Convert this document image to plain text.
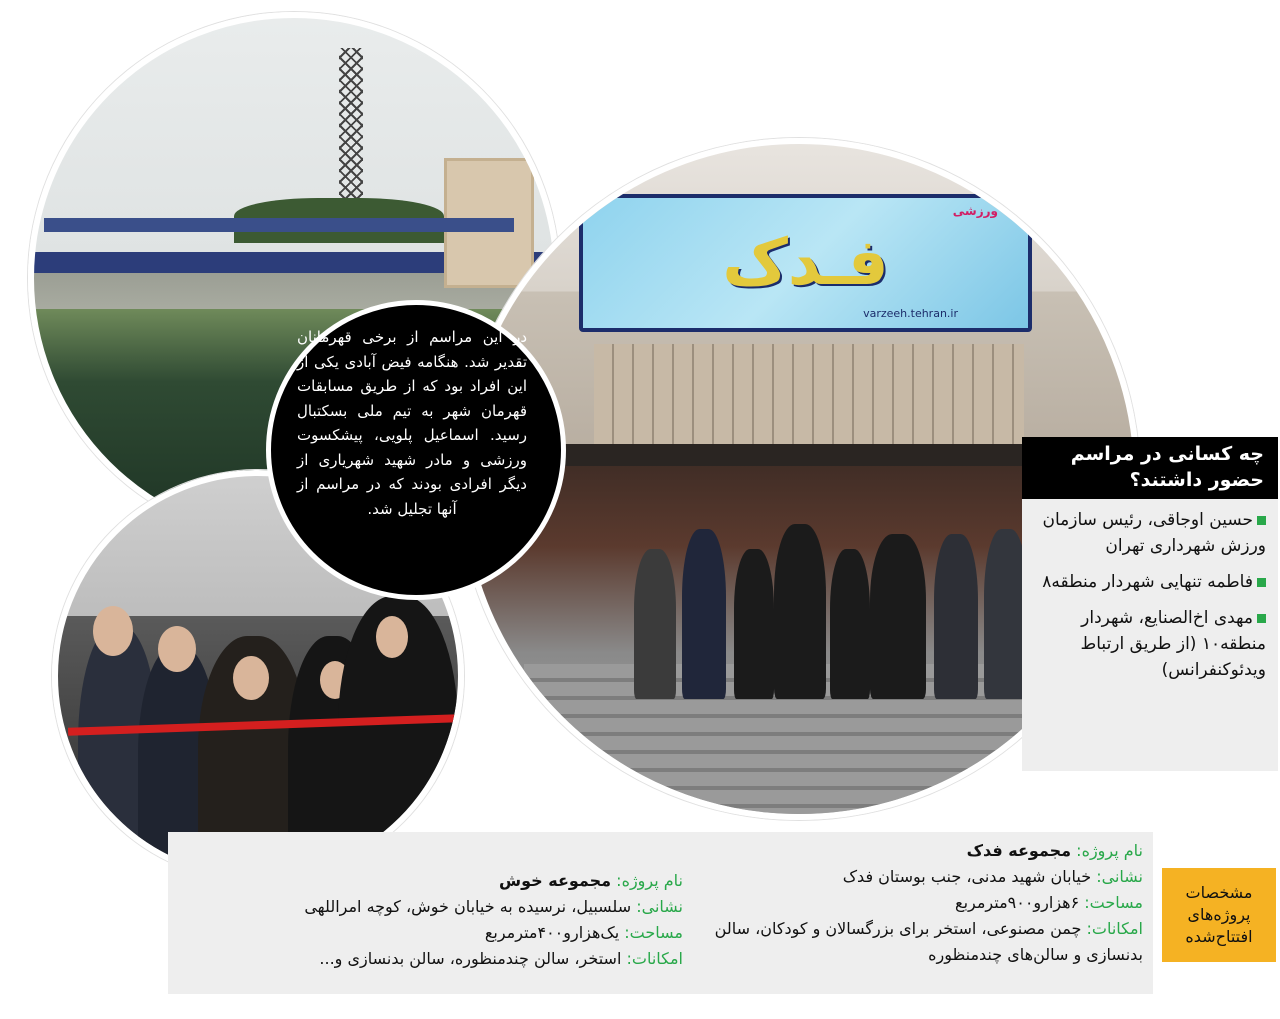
ورزشی
فـدک
varzeeh.tehran.ir
در این مراسم از برخی قهرمانان تقدیر شد. هنگامه فیض آبادی یکی از این افراد بود که از طریق مسابقات قهرمان شهر به تیم ملی بسکتبال رسید. اسماعیل پلویی، پیشکسوت ورزشی و مادر شهید شهریاری از دیگر افرادی بودند که در مراسم از آنها تجلیل شد.
چه کسانی در مراسم حضور داشتند؟
حسین اوجاقی، رئیس سازمان ورزش شهرداری تهران
فاطمه تنهایی شهردار منطقه۸
مهدی اخ‌الصنایع، شهردار منطقه۱۰ (از طریق ارتباط ویدئوکنفرانس)
نام پروژه: مجموعه فدک
نشانی: خیابان شهید مدنی، جنب بوستان فدک
مساحت: ۶هزارو۹۰۰مترمربع
امکانات: چمن مصنوعی، استخر برای بزرگسالان و کودکان، سالن بدنسازی و سالن‌های چندمنظوره
نام پروژه: مجموعه خوش
نشانی: سلسبیل، نرسیده به خیابان خوش، کوچه امراللهی
مساحت: یک‌هزارو۴۰۰مترمربع
امکانات: استخر، سالن چندمنظوره، سالن بدنسازی و...
مشخصات پروژه‌های افتتاح‌شده
